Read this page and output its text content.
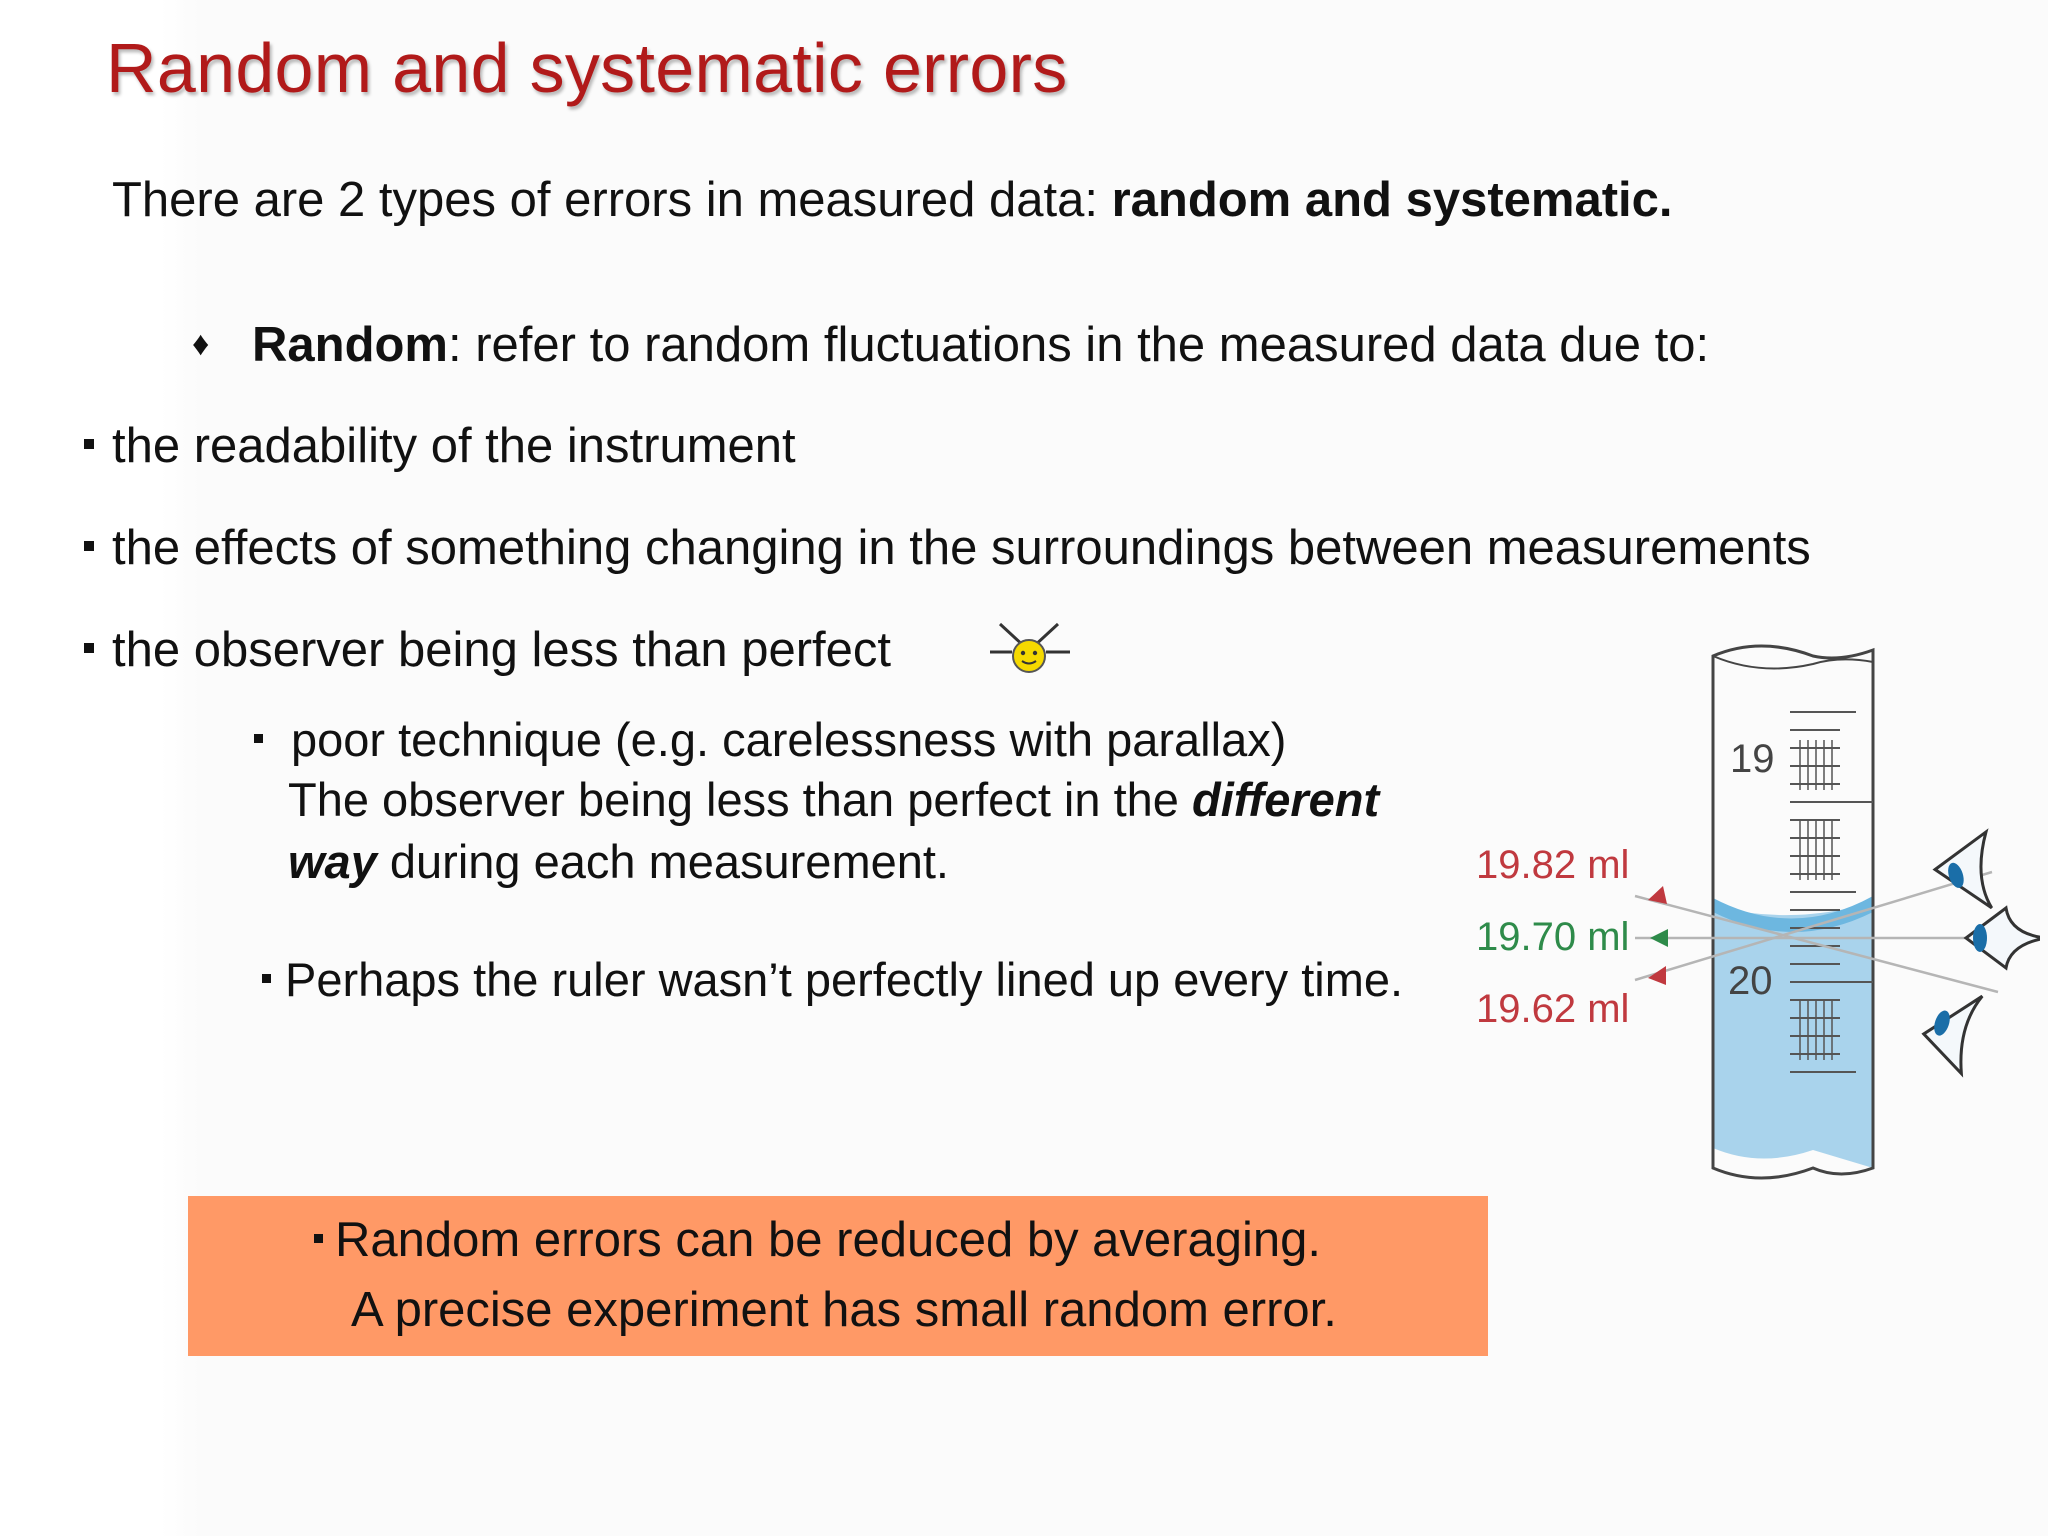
Random and systematic errors
There are 2 types of errors in measured data: random and systematic.
♦ Random: refer to random fluctuations in the measured data due to:
the readability of the instrument
the effects of something changing in the surroundings between measurements
the observer being less than perfect
poor technique (e.g. carelessness with parallax)
The observer being less than perfect in the different
way during each measurement.
19
20
19.82 ml
19.70 ml
19.62 ml
Perhaps the ruler wasn’t perfectly lined up every time.
Random errors can be reduced by averaging.
A precise experiment has small random error.
